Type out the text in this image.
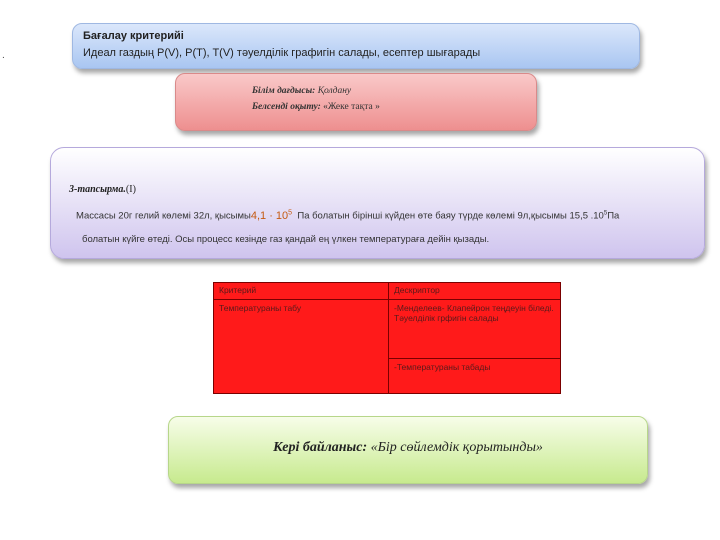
.
Бағалау критерийі
Идеал газдың P(V), P(T), T(V) тәуелділік графигін салады, есептер шығарады
Білім дағдысы: Қолдану
Белсенді оқыту: «Жеке тақта »
3-тапсырма.(I)
Массасы 20г гелий көлемі 32л, қысымы4,1 · $10^5$ Па болатын бірінші күйден өте баяу түрде көлемі 9л,қысымы 15,5 $.10^5Па$
болатын күйге өтеді. Осы процесс кезінде газ қандай ең үлкен температураға дейін қызады.
Критерий	Дескриптор
Температураны табу	-Менделеев- Клапейрон теңдеуін біледі. Тәуелділік грфигін салады
	-Температураны табады
Кері байланыс: «Бір сөйлемдік қорытынды»
